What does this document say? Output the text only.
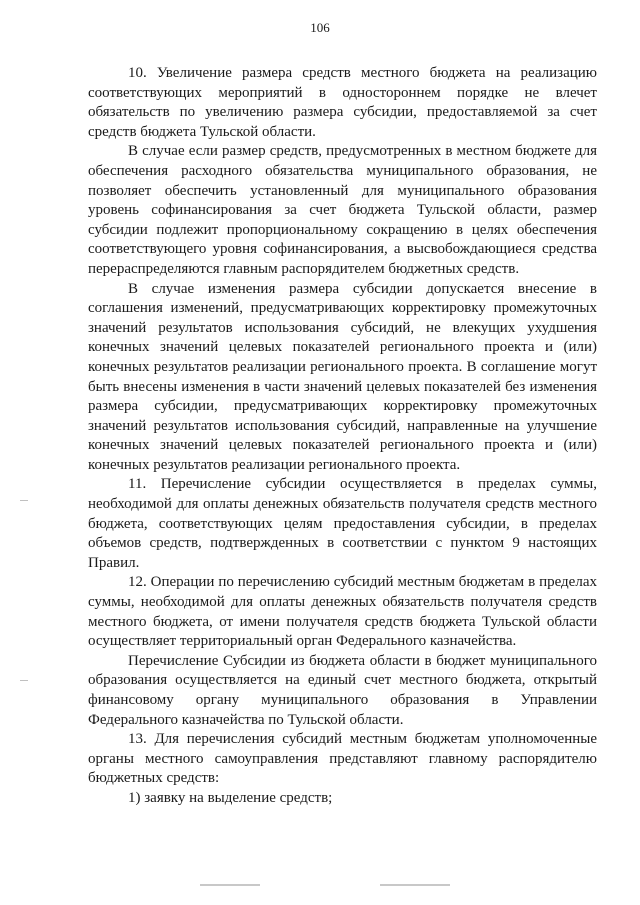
106

10. Увеличение размера средств местного бюджета на реализацию соответствующих мероприятий в одностороннем порядке не влечет обязательств по увеличению размера субсидии, предоставляемой за счет средств бюджета Тульской области.

В случае если размер средств, предусмотренных в местном бюджете для обеспечения расходного обязательства муниципального образования, не позволяет обеспечить установленный для муниципального образования уровень софинансирования за счет бюджета Тульской области, размер субсидии подлежит пропорциональному сокращению в целях обеспечения соответствующего уровня софинансирования, а высвобождающиеся средства перераспределяются главным распорядителем бюджетных средств.

В случае изменения размера субсидии допускается внесение в соглашения изменений, предусматривающих корректировку промежуточных значений результатов использования субсидий, не влекущих ухудшения конечных значений целевых показателей регионального проекта и (или) конечных результатов реализации регионального проекта. В соглашение могут быть внесены изменения в части значений целевых показателей без изменения размера субсидии, предусматривающих корректировку промежуточных значений результатов использования субсидий, направленные на улучшение конечных значений целевых показателей регионального проекта и (или) конечных результатов реализации регионального проекта.

11. Перечисление субсидии осуществляется в пределах суммы, необходимой для оплаты денежных обязательств получателя средств местного бюджета, соответствующих целям предоставления субсидии, в пределах объемов средств, подтвержденных в соответствии с пунктом 9 настоящих Правил.

12. Операции по перечислению субсидий местным бюджетам в пределах суммы, необходимой для оплаты денежных обязательств получателя средств местного бюджета, от имени получателя средств бюджета Тульской области осуществляет территориальный орган Федерального казначейства.

Перечисление Субсидии из бюджета области в бюджет муниципального образования осуществляется на единый счет местного бюджета, открытый финансовому органу муниципального образования в Управлении Федерального казначейства по Тульской области.

13. Для перечисления субсидий местным бюджетам уполномоченные органы местного самоуправления представляют главному распорядителю бюджетных средств:

1) заявку на выделение средств;
